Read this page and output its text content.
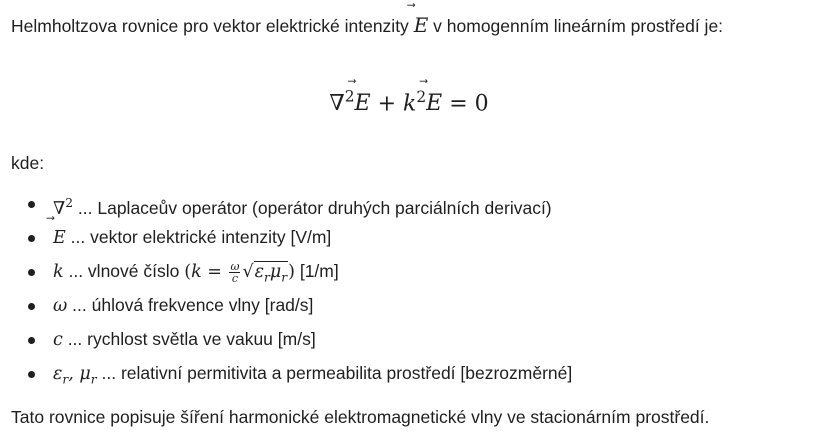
Helmholtzova rovnice pro vektor elektrické intenzity ⃗ E v homogenním lineárním prostředí je:

∇$^2$⃗ $E + k^2⃗$ E = 0

kde:

∇$^2$ ... Laplaceův operátor (operátor druhých parciálních derivací)
⃗ E ... vektor elektrické intenzity [V/m]
k ... vlnové číslo $(k = \frac{\omega}{c} √\varepsilon_r\mu_r)$ [1/m]
ω ... úhlová frekvence vlny [rad/s]
c ... rychlost světla ve vakuu [m/s]
$\varepsilon_r$, $\mu_r$ ... relativní permitivita a permeabilita prostředí [bezrozměrné]

Tato rovnice popisuje šíření harmonické elektromagnetické vlny ve stacionárním prostředí.
